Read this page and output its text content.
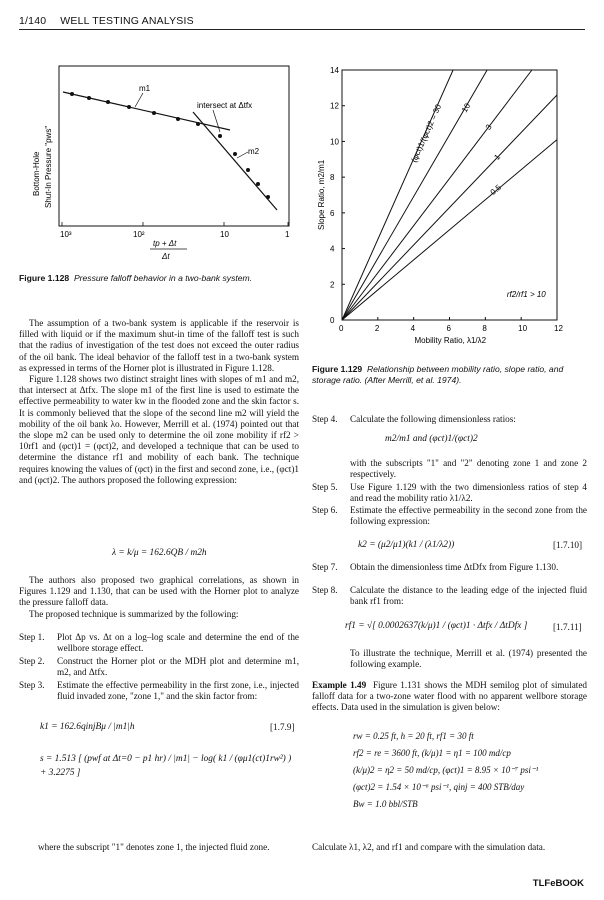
1/140 WELL TESTING ANALYSIS
Bottom-Hole Shut-In Pressure "pws"
m1
intersect at Δtfx
m2
10³	10²	10	1
tp + Δt
Δt
Figure 1.128 Pressure falloff behavior in a two-bank system.
0	2	4	6	8	10	12
0
2
4
6
8
10
12
14
Mobility Ratio, λ1/λ2
Slope Ratio, m2/m1
(φct)1/(φct)2 = 30 10
3
1
0.5
rf2/rf1 > 10
Figure 1.129 Relationship between mobility ratio, slope ratio, and storage ratio. (After Merrill, et al. 1974).

The assumption of a two-bank system is applicable if the reservoir is filled with liquid or if the maximum shut-in time of the falloff test is such that the radius of investigation of the test does not exceed the outer radius of the oil bank. The ideal behavior of the falloff test in a two-bank system as expressed in terms of the Horner plot is illustrated in Figure 1.128.

Figure 1.128 shows two distinct straight lines with slopes of m1 and m2, that intersect at Δtfx. The slope m1 of the first line is used to estimate the effective permeability to water kw in the flooded zone and the skin factor s. It is commonly believed that the slope of the second line m2 will yield the mobility of the oil bank λo. However, Merrill et al. (1974) pointed out that the slope m2 can be used only to determine the oil zone mobility if rf2 > 10rf1 and (φct)1 = (φct)2, and developed a technique that can be used to determine the distance rf1 and mobility of each bank. The technique requires knowing the values of (φct) in the first and second zone, i.e., (φct)1 and (φct)2. The authors proposed the following expression:

λ = k/μ = 162.6QB / m2h

The authors also proposed two graphical correlations, as shown in Figures 1.129 and 1.130, that can be used with the Horner plot to analyze the pressure falloff data.

The proposed technique is summarized by the following:

Step 1. Plot Δp vs. Δt on a log–log scale and determine the end of the wellbore storage effect.
Step 2. Construct the Horner plot or the MDH plot and determine m1, m2, and Δtfx.
Step 3. Estimate the effective permeability in the first zone, i.e., injected fluid invaded zone, "zone 1," and the skin factor from:
k1 = 162.6qinjBμ / |m1|h	[1.7.9]
s = 1.513 [ (pwf at Δt=0 − p1 hr) / |m1| − log( k1 / (φμ1(ct)1rw²) ) + 3.2275 ]
where the subscript "1" denotes zone 1, the injected fluid zone.
Step 4. Calculate the following dimensionless ratios:
m2/m1 and (φct)1/(φct)2
with the subscripts "1" and "2" denoting zone 1 and zone 2 respectively.
Step 5. Use Figure 1.129 with the two dimensionless ratios of step 4 and read the mobility ratio λ1/λ2.
Step 6. Estimate the effective permeability in the second zone from the following expression:
k2 = (μ2/μ1)(k1 / (λ1/λ2))	[1.7.10]
Step 7. Obtain the dimensionless time ΔtDfx from Figure 1.130.
Step 8. Calculate the distance to the leading edge of the injected fluid bank rf1 from:
rf1 = √[ 0.0002637(k/μ)1 / (φct)1 · Δtfx / ΔtDfx ]	[1.7.11]
To illustrate the technique, Merrill et al. (1974) presented the following example.

Example 1.49 Figure 1.131 shows the MDH semilog plot of simulated falloff data for a two-zone water flood with no apparent wellbore storage effects. Data used in the simulation is given below:

rw = 0.25 ft, h = 20 ft, rf1 = 30 ft
rf2 = re = 3600 ft, (k/μ)1 = η1 = 100 md/cp
(k/μ)2 = η2 = 50 md/cp, (φct)1 = 8.95 × 10⁻⁷ psi⁻¹
(φct)2 = 1.54 × 10⁻⁶ psi⁻¹, qinj = 400 STB/day
Bw = 1.0 bbl/STB
Calculate λ1, λ2, and rf1 and compare with the simulation data.
TLFeBOOK
